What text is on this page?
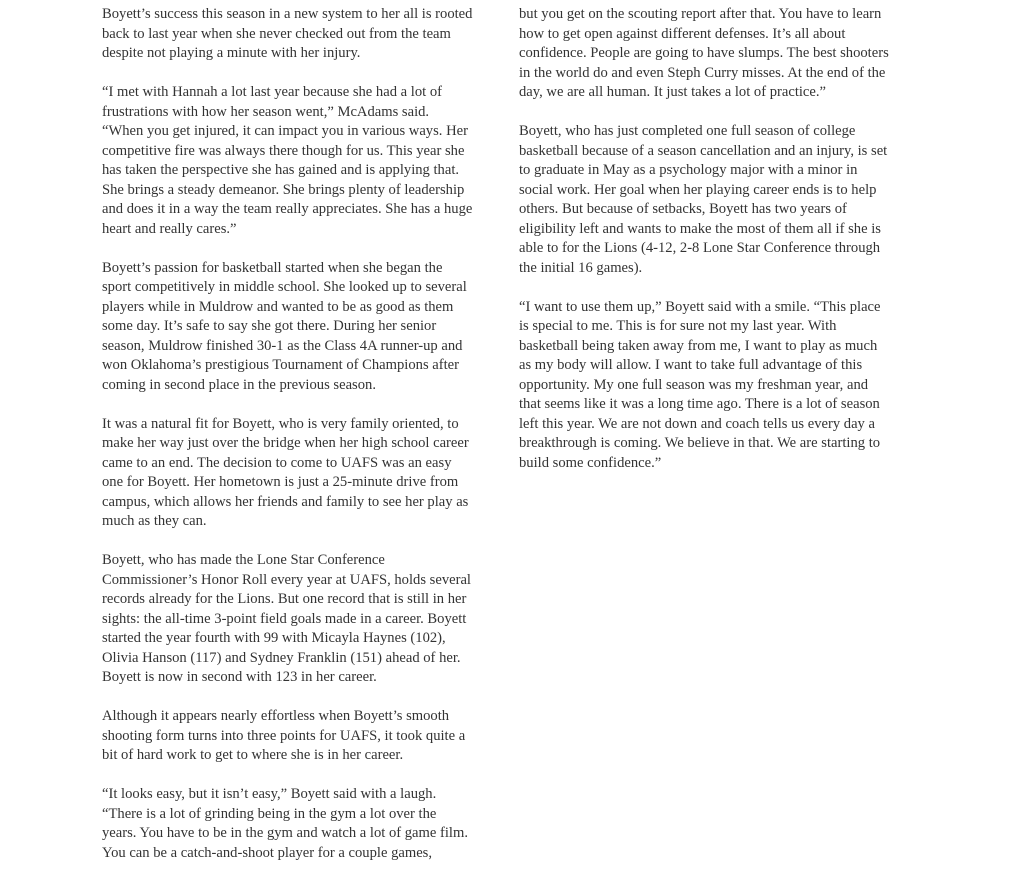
Boyett’s success this season in a new system to her all is rooted back to last year when she never checked out from the team despite not playing a minute with her injury.

“I met with Hannah a lot last year because she had a lot of frustrations with how her season went,” McAdams said. “When you get injured, it can impact you in various ways. Her competitive fire was always there though for us. This year she has taken the perspective she has gained and is applying that. She brings a steady demeanor. She brings plenty of leadership and does it in a way the team really appreciates. She has a huge heart and really cares.”

Boyett’s passion for basketball started when she began the sport competitively in middle school. She looked up to several players while in Muldrow and wanted to be as good as them some day. It’s safe to say she got there. During her senior season, Muldrow finished 30-1 as the Class 4A runner-up and won Oklahoma’s prestigious Tournament of Champions after coming in second place in the previous season.

It was a natural fit for Boyett, who is very family oriented, to make her way just over the bridge when her high school career came to an end. The decision to come to UAFS was an easy one for Boyett. Her hometown is just a 25-minute drive from campus, which allows her friends and family to see her play as much as they can.

Boyett, who has made the Lone Star Conference Commissioner’s Honor Roll every year at UAFS, holds several records already for the Lions. But one record that is still in her sights: the all-time 3-point field goals made in a career. Boyett started the year fourth with 99 with Micayla Haynes (102), Olivia Hanson (117) and Sydney Franklin (151) ahead of her. Boyett is now in second with 123 in her career.

Although it appears nearly effortless when Boyett’s smooth shooting form turns into three points for UAFS, it took quite a bit of hard work to get to where she is in her career.

“It looks easy, but it isn’t easy,” Boyett said with a laugh. “There is a lot of grinding being in the gym a lot over the years. You have to be in the gym and watch a lot of game film. You can be a catch-and-shoot player for a couple games,

but you get on the scouting report after that. You have to learn how to get open against different defenses. It’s all about confidence. People are going to have slumps. The best shooters in the world do and even Steph Curry misses. At the end of the day, we are all human. It just takes a lot of practice.”

Boyett, who has just completed one full season of college basketball because of a season cancellation and an injury, is set to graduate in May as a psychology major with a minor in social work. Her goal when her playing career ends is to help others. But because of setbacks, Boyett has two years of eligibility left and wants to make the most of them all if she is able to for the Lions (4-12, 2-8 Lone Star Conference through the initial 16 games).

“I want to use them up,” Boyett said with a smile. “This place is special to me. This is for sure not my last year. With basketball being taken away from me, I want to play as much as my body will allow. I want to take full advantage of this opportunity. My one full season was my freshman year, and that seems like it was a long time ago. There is a lot of season left this year. We are not down and coach tells us every day a breakthrough is coming. We believe in that. We are starting to build some confidence.”
